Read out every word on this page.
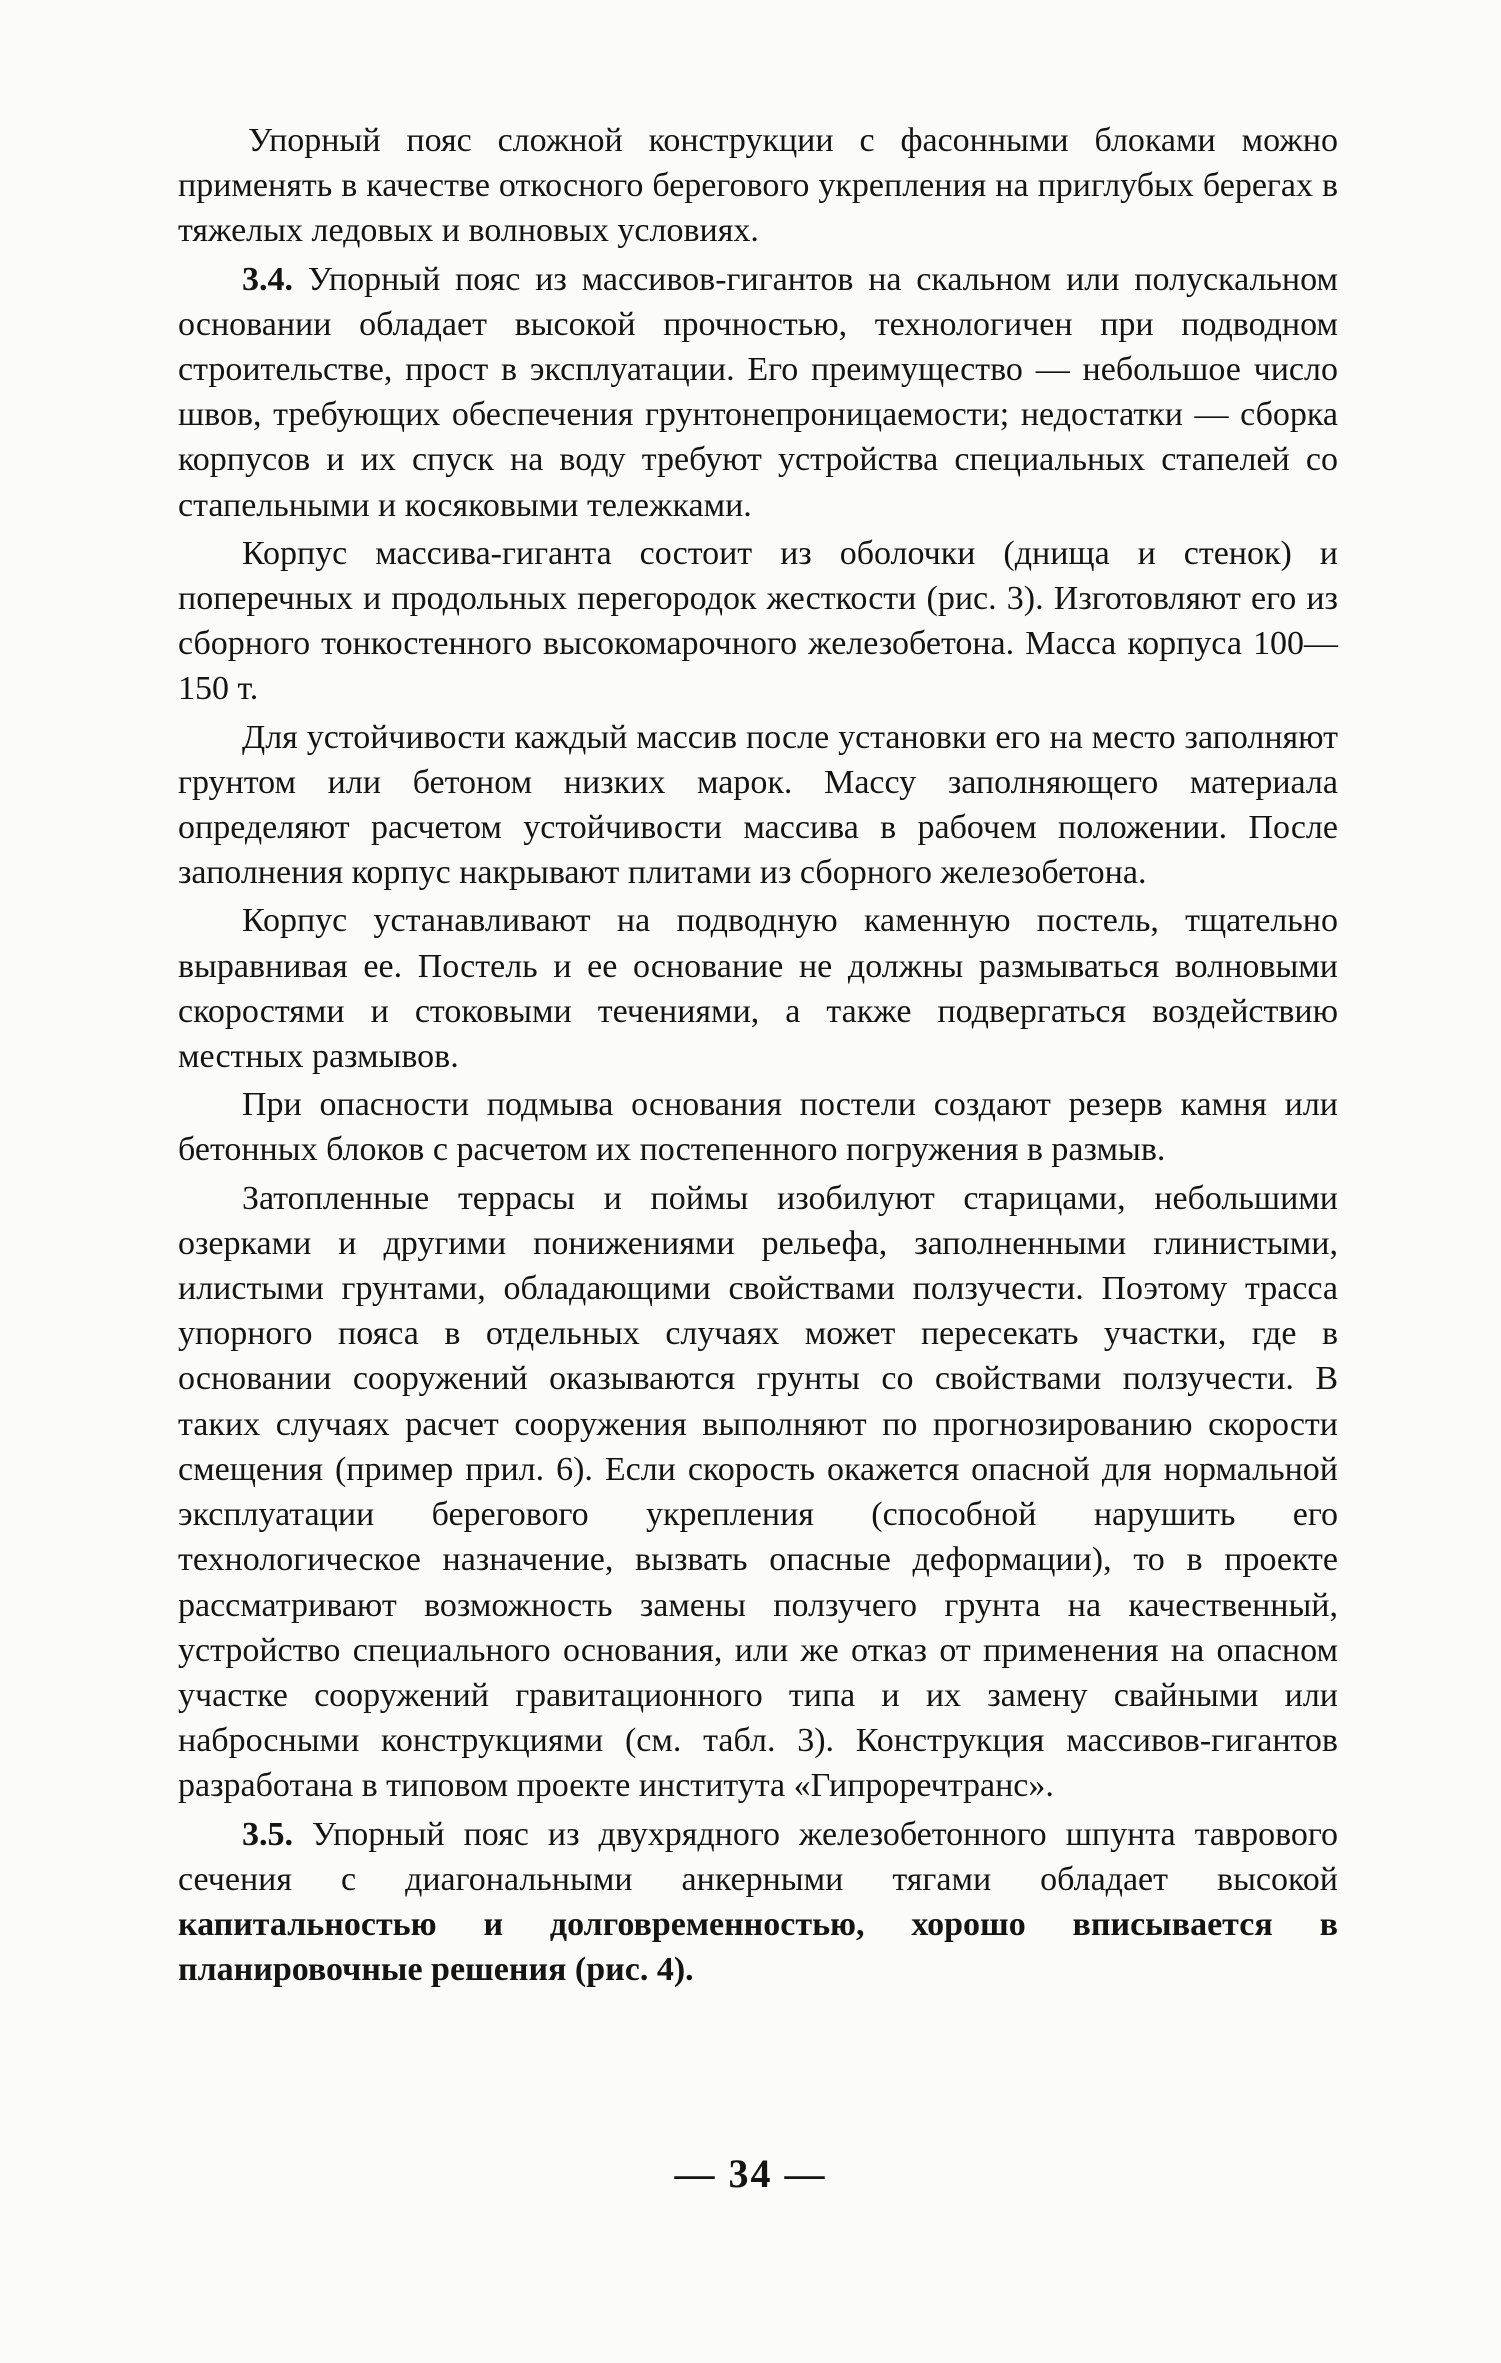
Упорный пояс сложной конструкции с фасонными блоками можно применять в качестве откосного берегового укрепления на приглубых берегах в тяжелых ледовых и волновых условиях.

3.4. Упорный пояс из массивов-гигантов на скальном или полускальном основании обладает высокой прочностью, технологичен при подводном строительстве, прост в эксплуатации. Его преимущество — небольшое число швов, требующих обеспечения грунтонепроницаемости; недостатки — сборка корпусов и их спуск на воду требуют устройства специальных стапелей со стапельными и косяковыми тележками.

Корпус массива-гиганта состоит из оболочки (днища и стенок) и поперечных и продольных перегородок жесткости (рис. 3). Изготовляют его из сборного тонкостенного высокомарочного железобетона. Масса корпуса 100—150 т.

Для устойчивости каждый массив после установки его на место заполняют грунтом или бетоном низких марок. Массу заполняющего материала определяют расчетом устойчивости массива в рабочем положении. После заполнения корпус накрывают плитами из сборного железобетона.

Корпус устанавливают на подводную каменную постель, тщательно выравнивая ее. Постель и ее основание не должны размываться волновыми скоростями и стоковыми течениями, а также подвергаться воздействию местных размывов.

При опасности подмыва основания постели создают резерв камня или бетонных блоков с расчетом их постепенного погружения в размыв.

Затопленные террасы и поймы изобилуют старицами, небольшими озерками и другими понижениями рельефа, заполненными глинистыми, илистыми грунтами, обладающими свойствами ползучести. Поэтому трасса упорного пояса в отдельных случаях может пересекать участки, где в основании сооружений оказываются грунты со свойствами ползучести. В таких случаях расчет сооружения выполняют по прогнозированию скорости смещения (пример прил. 6). Если скорость окажется опасной для нормальной эксплуатации берегового укрепления (способной нарушить его технологическое назначение, вызвать опасные деформации), то в проекте рассматривают возможность замены ползучего грунта на качественный, устройство специального основания, или же отказ от применения на опасном участке сооружений гравитационного типа и их замену свайными или набросными конструкциями (см. табл. 3). Конструкция массивов-гигантов разработана в типовом проекте института «Гипроречтранс».

3.5. Упорный пояс из двухрядного железобетонного шпунта таврового сечения с диагональными анкерными тягами обладает высокой капитальностью и долговременностью, хорошо вписывается в планировочные решения (рис. 4).

— 34 —
